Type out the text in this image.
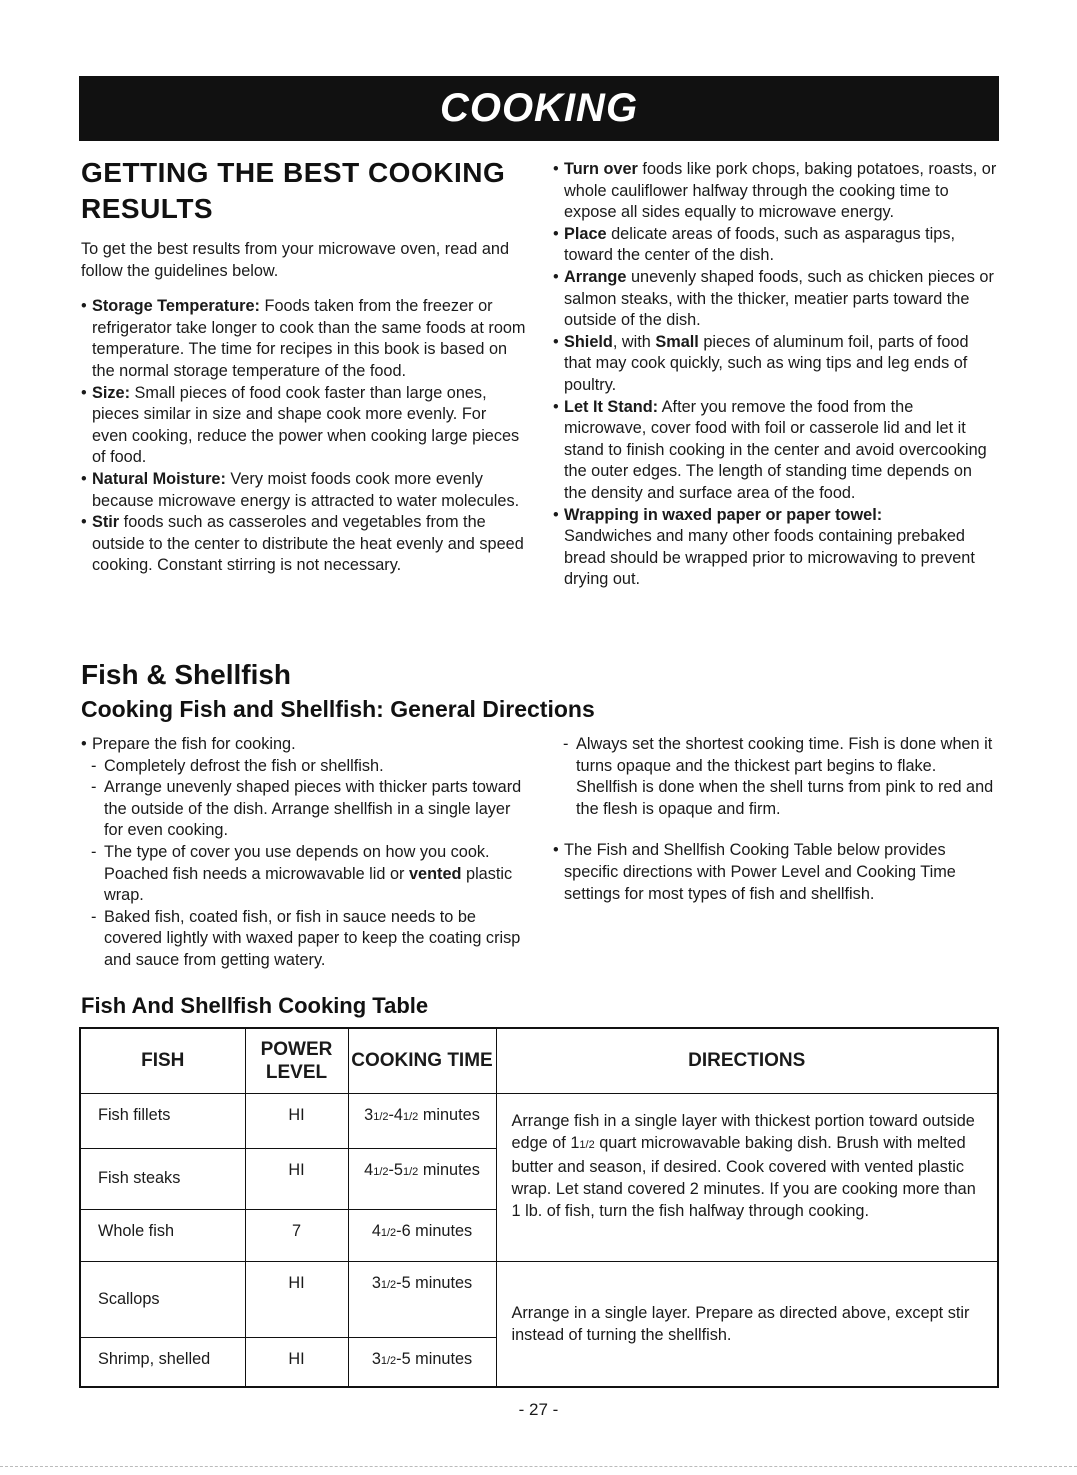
COOKING
GETTING THE BEST COOKING RESULTS

To get the best results from your microwave oven, read and follow the guidelines below.

• Storage Temperature: Foods taken from the freezer or refrigerator take longer to cook than the same foods at room temperature. The time for recipes in this book is based on the normal storage temperature of the food.
• Size: Small pieces of food cook faster than large ones, pieces similar in size and shape cook more evenly. For even cooking, reduce the power when cooking large pieces of food.
• Natural Moisture: Very moist foods cook more evenly because microwave energy is attracted to water molecules.
• Stir foods such as casseroles and vegetables from the outside to the center to distribute the heat evenly and speed cooking. Constant stirring is not necessary.
• Turn over foods like pork chops, baking potatoes, roasts, or whole cauliflower halfway through the cooking time to expose all sides equally to microwave energy.
• Place delicate areas of foods, such as asparagus tips, toward the center of the dish.
• Arrange unevenly shaped foods, such as chicken pieces or salmon steaks, with the thicker, meatier parts toward the outside of the dish.
• Shield, with Small pieces of aluminum foil, parts of food that may cook quickly, such as wing tips and leg ends of poultry.
• Let It Stand: After you remove the food from the microwave, cover food with foil or casserole lid and let it stand to finish cooking in the center and avoid overcooking the outer edges. The length of standing time depends on the density and surface area of the food.
• Wrapping in waxed paper or paper towel:
Sandwiches and many other foods containing prebaked bread should be wrapped prior to microwaving to prevent drying out.
Fish & Shellfish
Cooking Fish and Shellfish: General Directions
• Prepare the fish for cooking.
- Completely defrost the fish or shellfish.
- Arrange unevenly shaped pieces with thicker parts toward the outside of the dish. Arrange shellfish in a single layer for even cooking.
- The type of cover you use depends on how you cook. Poached fish needs a microwavable lid or vented plastic wrap.
- Baked fish, coated fish, or fish in sauce needs to be covered lightly with waxed paper to keep the coating crisp and sauce from getting watery.
- Always set the shortest cooking time. Fish is done when it turns opaque and the thickest part begins to flake. Shellfish is done when the shell turns from pink to red and the flesh is opaque and firm.
• The Fish and Shellfish Cooking Table below provides specific directions with Power Level and Cooking Time settings for most types of fish and shellfish.
Fish And Shellfish Cooking Table
FISH	POWER LEVEL	COOKING TIME	DIRECTIONS
Fish fillets	HI	31/2-41/2 minutes	Arrange fish in a single layer with thickest portion toward outside edge of 11/2 quart microwavable baking dish. Brush with melted butter and season, if desired. Cook covered with vented plastic wrap. Let stand covered 2 minutes. If you are cooking more than 1 lb. of fish, turn the fish halfway through cooking.
Fish steaks	HI	41/2-51/2 minutes	
Whole fish	7	41/2-6 minutes	
Scallops	HI	31/2-5 minutes	Arrange in a single layer. Prepare as directed above, except stir instead of turning the shellfish.
Shrimp, shelled	HI	31/2-5 minutes	
- 27 -
